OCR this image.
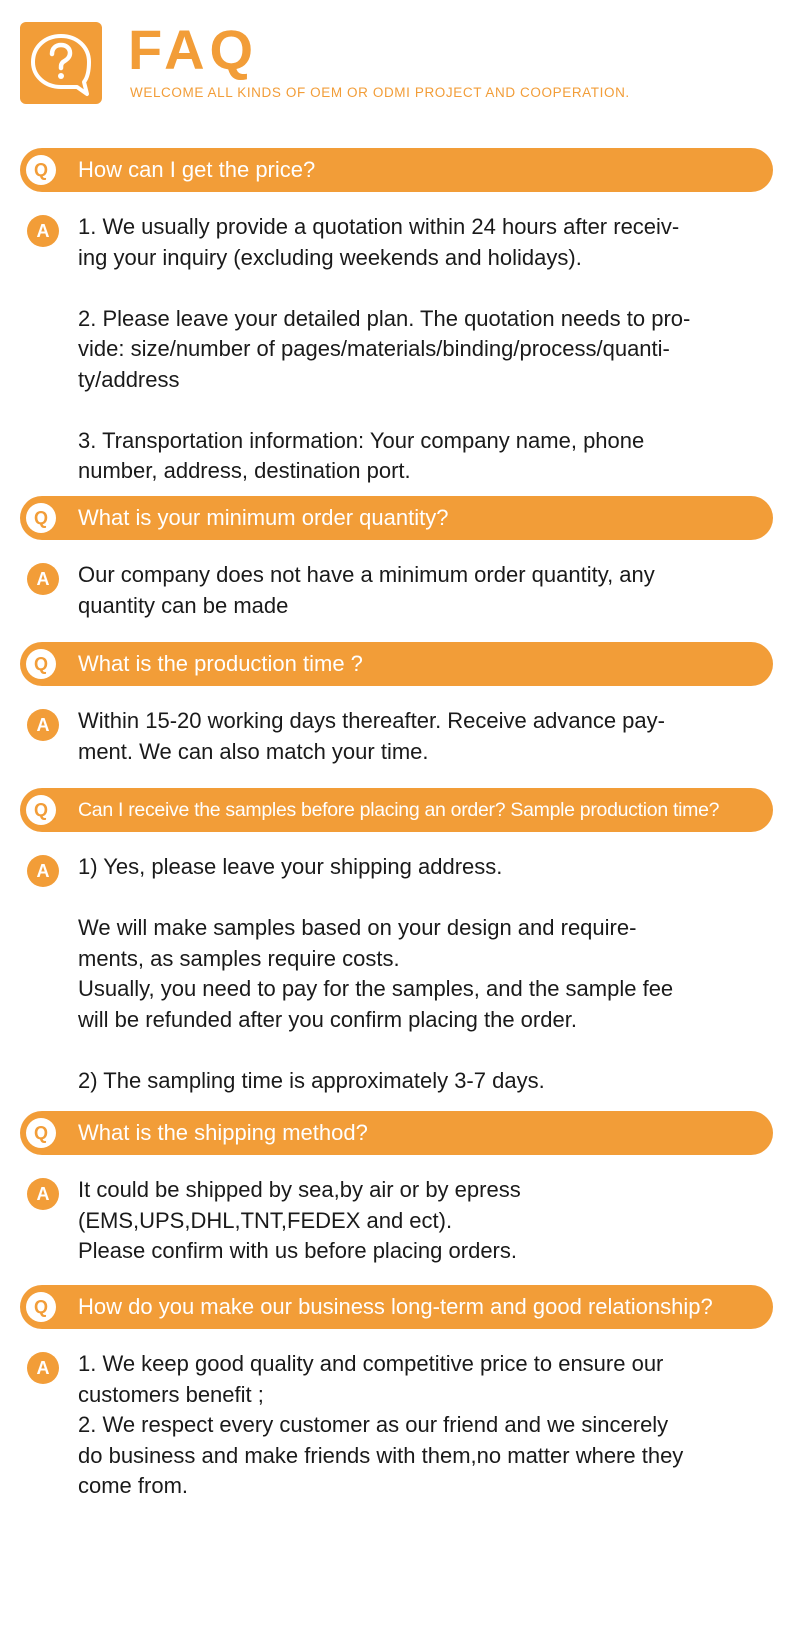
FAQ
WELCOME ALL KINDS OF OEM OR ODMI PROJECT AND COOPERATION.
Q	How can I get the price?
A	1. We usually provide a quotation within 24 hours after receiv-
ing your inquiry (excluding weekends and holidays).
2. Please leave your detailed plan. The quotation needs to pro-
vide: size/number of pages/materials/binding/process/quanti-
ty/address
3. Transportation information: Your company name, phone
number, address, destination port.
Q	What is your minimum order quantity?
A	Our company does not have a minimum order quantity, any
quantity can be made
Q	What is the production time ?
A	Within 15-20 working days thereafter. Receive advance pay-
ment. We can also match your time.
Q	Can I receive the samples before placing an order? Sample production time?
A	1) Yes, please leave your shipping address.
We will make samples based on your design and require-
ments, as samples require costs.
Usually, you need to pay for the samples, and the sample fee
will be refunded after you confirm placing the order.
2) The sampling time is approximately 3-7 days.
Q	What is the shipping method?
A	It could be shipped by sea,by air or by epress
(EMS,UPS,DHL,TNT,FEDEX and ect).
Please confirm with us before placing orders.
Q	How do you make our business long-term and good relationship?
A	1. We keep good quality and competitive price to ensure our
customers benefit ;
2. We respect every customer as our friend and we sincerely
do business and make friends with them,no matter where they
come from.
